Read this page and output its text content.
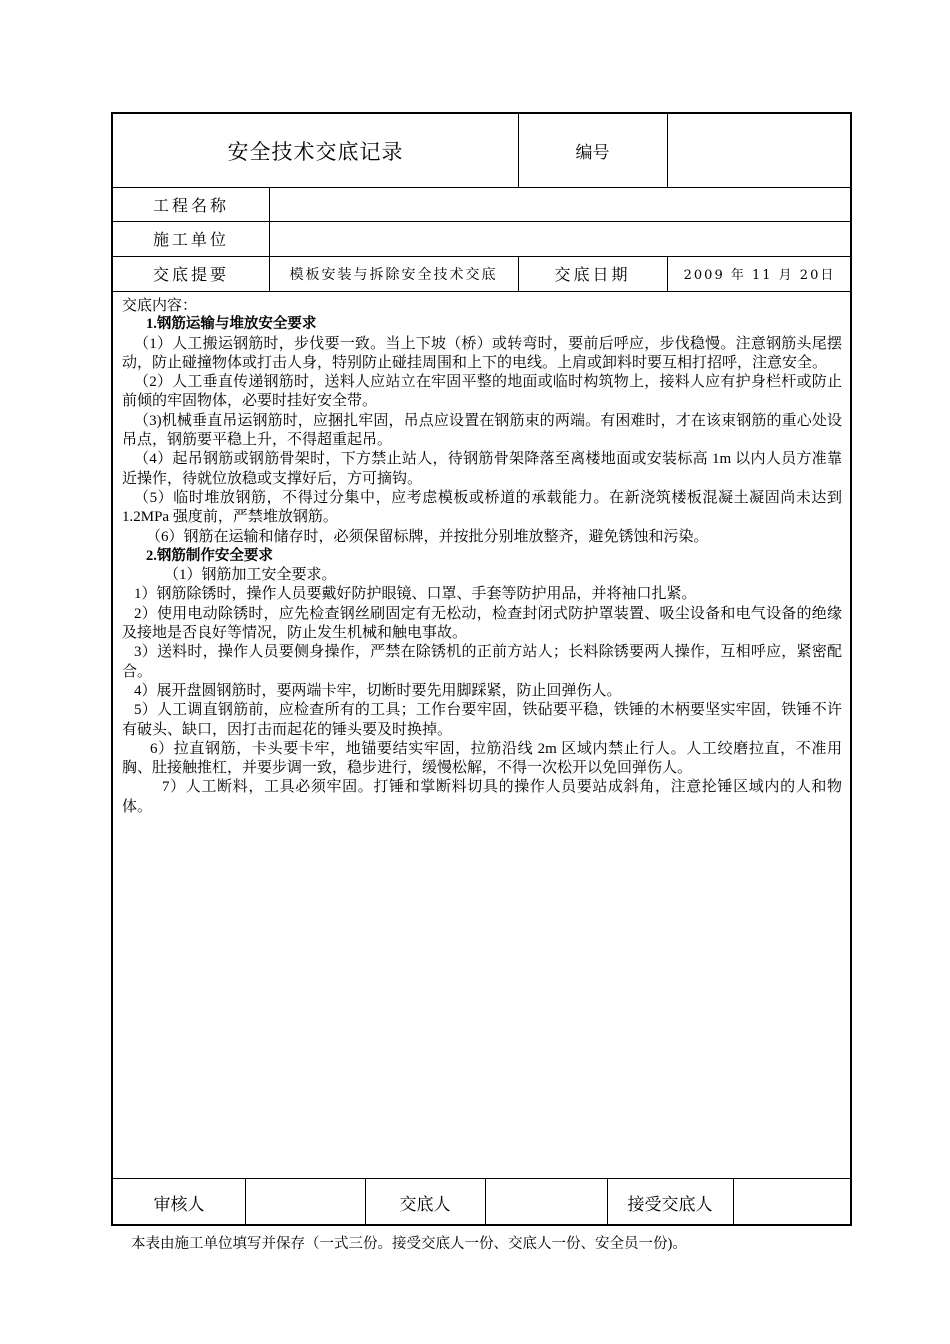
安全技术交底记录	编号
工程名称
施工单位
交底提要	模板安装与拆除安全技术交底	交底日期	2009 年 11 月 20日

交底内容：

1.钢筋运输与堆放安全要求

（1）人工搬运钢筋时，步伐要一致。当上下坡（桥）或转弯时，要前后呼应，步伐稳慢。注意钢筋头尾摆动，防止碰撞物体或打击人身，特别防止碰挂周围和上下的电线。上肩或卸料时要互相打招呼，注意安全。

（2）人工垂直传递钢筋时，送料人应站立在牢固平整的地面或临时构筑物上，接料人应有护身栏杆或防止前倾的牢固物体，必要时挂好安全带。

（3)机械垂直吊运钢筋时，应捆扎牢固，吊点应设置在钢筋束的两端。有困难时，才在该束钢筋的重心处设吊点，钢筋要平稳上升，不得超重起吊。

（4）起吊钢筋或钢筋骨架时，下方禁止站人，待钢筋骨架降落至离楼地面或安装标高 1m 以内人员方准靠近操作，待就位放稳或支撑好后，方可摘钩。

（5）临时堆放钢筋，不得过分集中，应考虑模板或桥道的承载能力。在新浇筑楼板混凝土凝固尚未达到 1.2MPa 强度前，严禁堆放钢筋。

（6）钢筋在运输和储存时，必须保留标牌，并按批分别堆放整齐，避免锈蚀和污染。

2.钢筋制作安全要求

（1）钢筋加工安全要求。

1）钢筋除锈时，操作人员要戴好防护眼镜、口罩、手套等防护用品，并将袖口扎紧。

2）使用电动除锈时，应先检查钢丝刷固定有无松动，检查封闭式防护罩装置、吸尘设备和电气设备的绝缘及接地是否良好等情况，防止发生机械和触电事故。

3）送料时，操作人员要侧身操作，严禁在除锈机的正前方站人；长料除锈要两人操作，互相呼应，紧密配合。

4）展开盘圆钢筋时，要两端卡牢，切断时要先用脚踩紧，防止回弹伤人。

5）人工调直钢筋前，应检查所有的工具；工作台要牢固，铁砧要平稳，铁锤的木柄要坚实牢固，铁锤不许有破头、缺口，因打击而起花的锤头要及时换掉。

6）拉直钢筋，卡头要卡牢，地锚要结实牢固，拉筋沿线 2m 区域内禁止行人。人工绞磨拉直，不准用胸、肚接触推杠，并要步调一致，稳步进行，缓慢松解，不得一次松开以免回弹伤人。

7）人工断料，工具必须牢固。打锤和掌断料切具的操作人员要站成斜角，注意抡锤区域内的人和物体。

审核人	交底人	接受交底人
本表由施工单位填写并保存（一式三份。接受交底人一份、交底人一份、安全员一份)。
